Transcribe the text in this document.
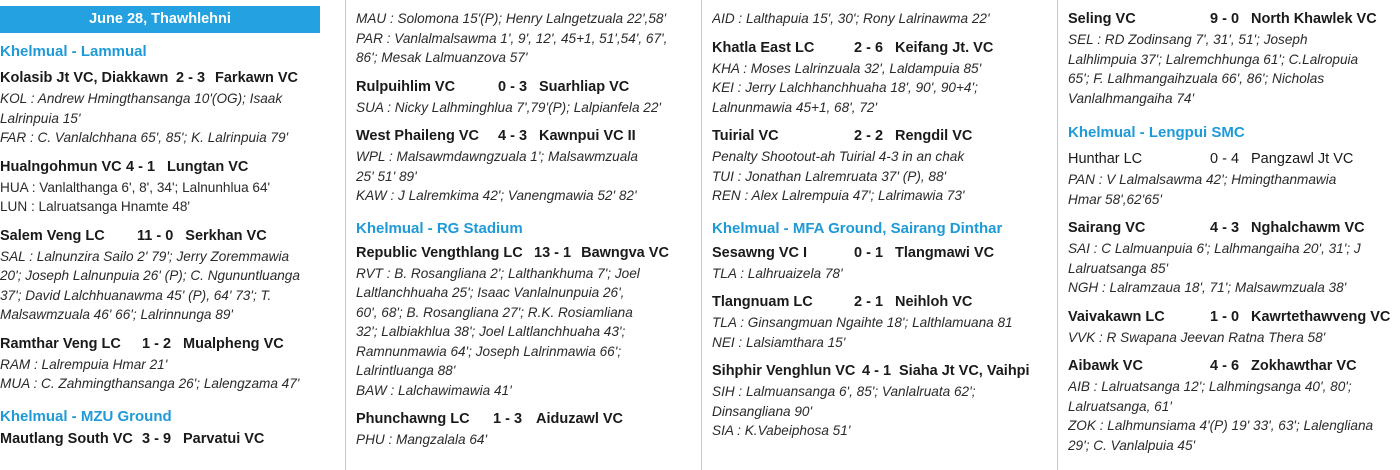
June 28, Thawhlehni
Khelmual - Lammual
Kolasib Jt VC, Diakkawn 2 - 3 Farkawn VC
KOL : Andrew Hmingthansanga 10'(OG); Isaak
Lalrinpuia 15'
FAR : C. Vanlalchhana 65', 85'; K. Lalrinpuia 79'
Hualngohmun VC 4 - 1 Lungtan VC
HUA : Vanlalthanga 6', 8', 34'; Lalnunhlua 64'
LUN : Lalruatsanga Hnamte 48'
Salem Veng LC	11 - 0 Serkhan VC
SAL : Lalnunzira Sailo 2' 79'; Jerry Zoremmawia
20'; Joseph Lalnunpuia 26' (P); C. Ngununtluanga
37'; David Lalchhuanawma 45' (P), 64' 73'; T.
Malsawmzuala 46' 66'; Lalrinnunga 89'
Ramthar Veng LC	1 - 2 Mualpheng VC
RAM : Lalrempuia Hmar 21'
MUA : C. Zahmingthansanga 26'; Lalengzama 47'
Khelmual - MZU Ground
Mautlang South VC 3 - 9 Parvatui VC
MAU : Solomona 15'(P); Henry Lalngetzuala 22',58'
PAR : Vanlalmalsawma 1', 9', 12', 45+1, 51',54', 67',
86'; Mesak Lalmuanzova 57'
Rulpuihlim VC	0 - 3 Suarhliap VC
SUA : Nicky Lalhminghlua 7',79'(P); Lalpianfela 22'
West Phaileng VC	4 - 3 Kawnpui VC II
WPL : Malsawmdawngzuala 1'; Malsawmzuala
25' 51' 89'
KAW : J Lalremkima 42'; Vanengmawia 52' 82'
Khelmual - RG Stadium
Republic Vengthlang LC 13 - 1 Bawngva VC
RVT : B. Rosangliana 2'; Lalthankhuma 7'; Joel
Laltlanchhuaha 25'; Isaac Vanlalnunpuia 26',
60', 68'; B. Rosangliana 27'; R.K. Rosiamliana
32'; Lalbiakhlua 38'; Joel Laltlanchhuaha 43';
Ramnunmawia 64'; Joseph Lalrinmawia 66';
Lalrintluanga 88'
BAW : Lalchawimawia 41'
Phunchawng LC	1 - 3 Aiduzawl VC
PHU : Mangzalala 64'
AID : Lalthapuia 15', 30'; Rony Lalrinawma 22'
Khatla East LC	2 - 6 Keifang Jt. VC
KHA : Moses Lalrinzuala 32', Laldampuia 85'
KEI : Jerry Lalchhanchhuaha 18', 90', 90+4';
Lalnunmawia 45+1, 68', 72'
Tuirial VC	2 - 2 Rengdil VC
Penalty Shootout-ah Tuirial 4-3 in an chak
TUI : Jonathan Lalremruata 37' (P), 88'
REN : Alex Lalrempuia 47'; Lalrimawia 73'
Khelmual - MFA Ground, Sairang Dinthar
Sesawng VC I	0 - 1 Tlangmawi VC
TLA : Lalhruaizela 78'
Tlangnuam LC	2 - 1 Neihloh VC
TLA : Ginsangmuan Ngaihte 18'; Lalthlamuana 81
NEI : Lalsiamthara 15'
Sihphir Venghlun VC 4 - 1 Siaha Jt VC, Vaihpi
SIH : Lalmuansanga 6', 85'; Vanlalruata 62';
Dinsangliana 90'
SIA : K.Vabeiphosa 51'
Seling VC	9 - 0 North Khawlek VC
SEL : RD Zodinsang 7', 31', 51'; Joseph
Lalhlimpuia 37'; Lalremchhunga 61'; C.Lalropuia
65'; F. Lalhmangaihzuala 66', 86'; Nicholas
Vanlalhmangaiha 74'
Khelmual - Lengpui SMC
Hunthar LC	0 - 4 Pangzawl Jt VC
PAN : V Lalmalsawma 42'; Hmingthanmawia
Hmar 58',62'65'
Sairang VC	4 - 3 Nghalchawm VC
SAI : C Lalmuanpuia 6'; Lalhmangaiha 20', 31'; J
Lalruatsanga 85'
NGH : Lalramzaua 18', 71'; Malsawmzuala 38'
Vaivakawn LC	1 - 0 Kawrtethawveng VC
VVK : R Swapana Jeevan Ratna Thera 58'
Aibawk VC	4 - 6 Zokhawthar VC
AIB : Lalruatsanga 12'; Lalhmingsanga 40', 80';
Lalruatsanga, 61'
ZOK : Lalhmunsiama 4'(P) 19' 33', 63'; Lalengliana
29'; C. Vanlalpuia 45'
